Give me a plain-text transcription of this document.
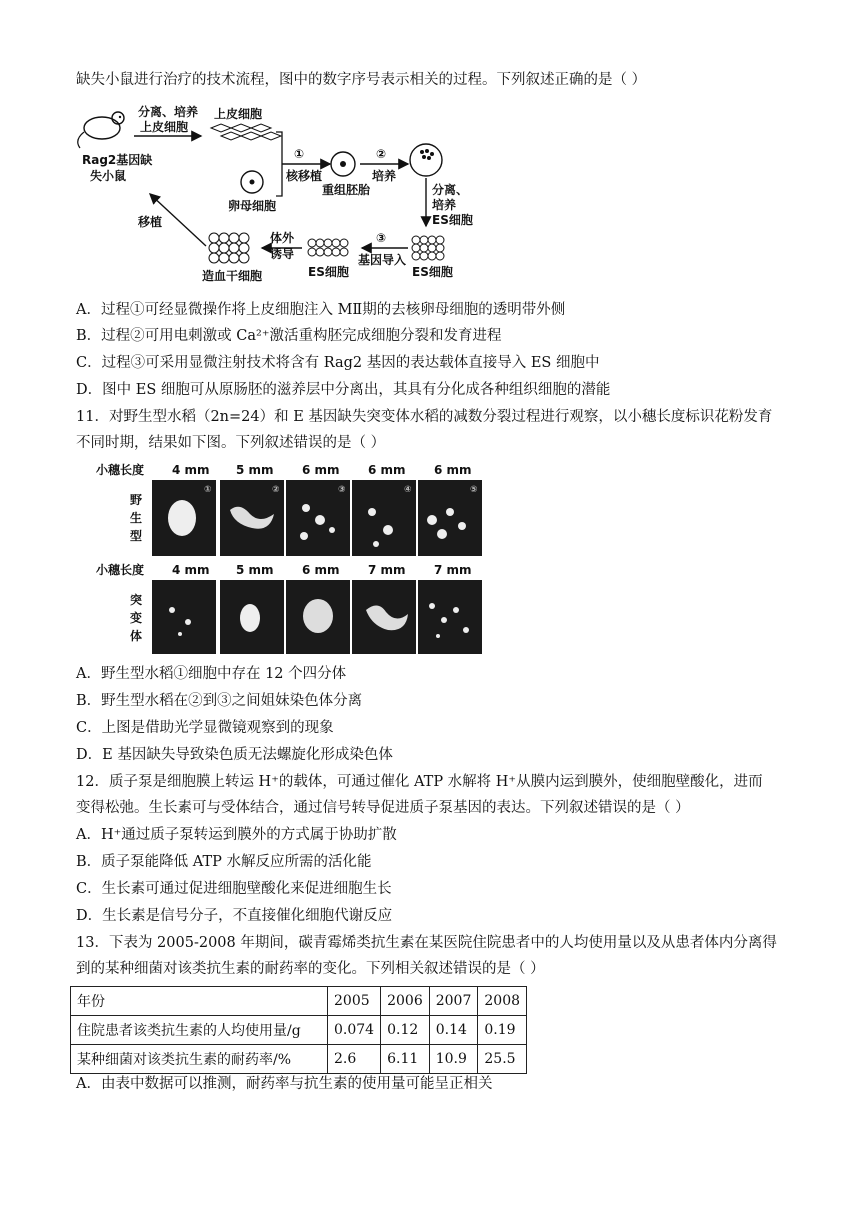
缺失小鼠进行治疗的技术流程，图中的数字序号表示相关的过程。下列叙述正确的是（ ）
Rag2基因缺
失小鼠
分离、培养
上皮细胞
上皮细胞
①
核移植
卵母细胞
重组胚胎
②
培养
分离、
培养
ES细胞
ES细胞
③
基因导入
ES细胞
体外
诱导
造血干细胞
移植
A．过程①可经显微操作将上皮细胞注入 MⅡ期的去核卵母细胞的透明带外侧
B．过程②可用电刺激或 Ca²⁺激活重构胚完成细胞分裂和发育进程
C．过程③可采用显微注射技术将含有 Rag2 基因的表达载体直接导入 ES 细胞中
D．图中 ES 细胞可从原肠胚的滋养层中分离出，其具有分化成各种组织细胞的潜能
11．对野生型水稻（2n=24）和 E 基因缺失突变体水稻的减数分裂过程进行观察，以小穗长度标识花粉发育
不同时期，结果如下图。下列叙述错误的是（ ）
小穗长度 4 mm 5 mm 6 mm 6 mm 6 mm
野
生
型
①	②	③	④	⑤
小穗长度 4 mm 5 mm 6 mm 7 mm 7 mm
突
变
体
A．野生型水稻①细胞中存在 12 个四分体
B．野生型水稻在②到③之间姐妹染色体分离
C．上图是借助光学显微镜观察到的现象
D．E 基因缺失导致染色质无法螺旋化形成染色体
12．质子泵是细胞膜上转运 H⁺的载体，可通过催化 ATP 水解将 H⁺从膜内运到膜外，使细胞壁酸化，进而
变得松弛。生长素可与受体结合，通过信号转导促进质子泵基因的表达。下列叙述错误的是（ ）
A．H⁺通过质子泵转运到膜外的方式属于协助扩散
B．质子泵能降低 ATP 水解反应所需的活化能
C．生长素可通过促进细胞壁酸化来促进细胞生长
D．生长素是信号分子，不直接催化细胞代谢反应
13．下表为 2005-2008 年期间，碳青霉烯类抗生素在某医院住院患者中的人均使用量以及从患者体内分离得
到的某种细菌对该类抗生素的耐药率的变化。下列相关叙述错误的是（ ）
年份	2005	2006	2007	2008
住院患者该类抗生素的人均使用量/g	0.074	0.12	0.14	0.19
某种细菌对该类抗生素的耐药率/%	2.6	6.11	10.9	25.5
A．由表中数据可以推测，耐药率与抗生素的使用量可能呈正相关
